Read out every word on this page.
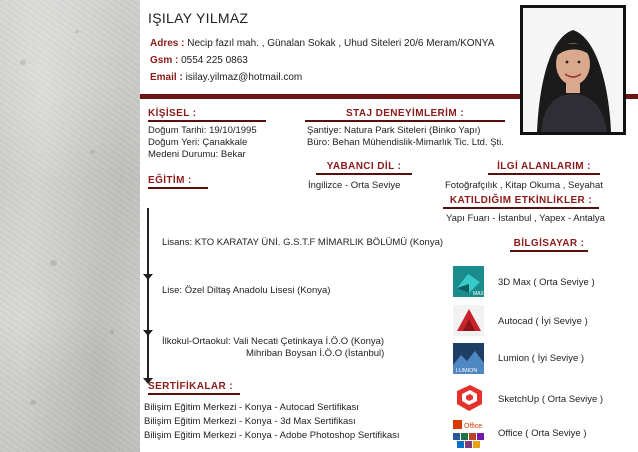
IŞILAY YILMAZ
Adres : Necip fazıl mah. , Günalan Sokak , Uhud Siteleri 20/6 Meram/KONYA
Gsm : 0554 225 0863
Email : isilay.yilmaz@hotmail.com
KİŞİSEL :
Doğum Tarihi: 19/10/1995
Doğum Yeri: Çanakkale
Medeni Durumu: Bekar
STAJ DENEYİMLERİM :
Şantiye: Natura Park Siteleri (Binko Yapı)
Büro: Behan Mühendislik-Mimarlık Tic. Ltd. Şti.
YABANCI DİL :
İngilizce - Orta Seviye
İLGİ ALANLARIM :
Fotoğrafçılık , Kitap Okuma , Seyahat
KATILDIĞIM ETKİNLİKLER :
Yapı Fuarı - İstanbul , Yapex - Antalya
EĞİTİM :
Lisans: KTO KARATAY ÜNİ. G.S.T.F MİMARLIK BÖLÜMÜ (Konya)
Lise: Özel Diltaş Anadolu Lisesi (Konya)
İlkokul-Ortaokul: Vali Necati Çetinkaya İ.Ö.O (Konya)
Mihriban Boysan İ.Ö.O (İstanbul)
BİLGİSAYAR :
MAX
3D Max ( Orta Seviye )
Autocad ( İyi Seviye )
LUMION
Lumion ( İyi Seviye )
SketchUp ( Orta Seviye )
Office
Office ( Orta Seviye )
SERTİFİKALAR :
Bilişim Eğitim Merkezi - Konya - Autocad Sertifikası
Bilişim Eğitim Merkezi - Konya - 3d Max Sertifikası
Bilişim Eğitim Merkezi - Konya - Adobe Photoshop Sertifikası
